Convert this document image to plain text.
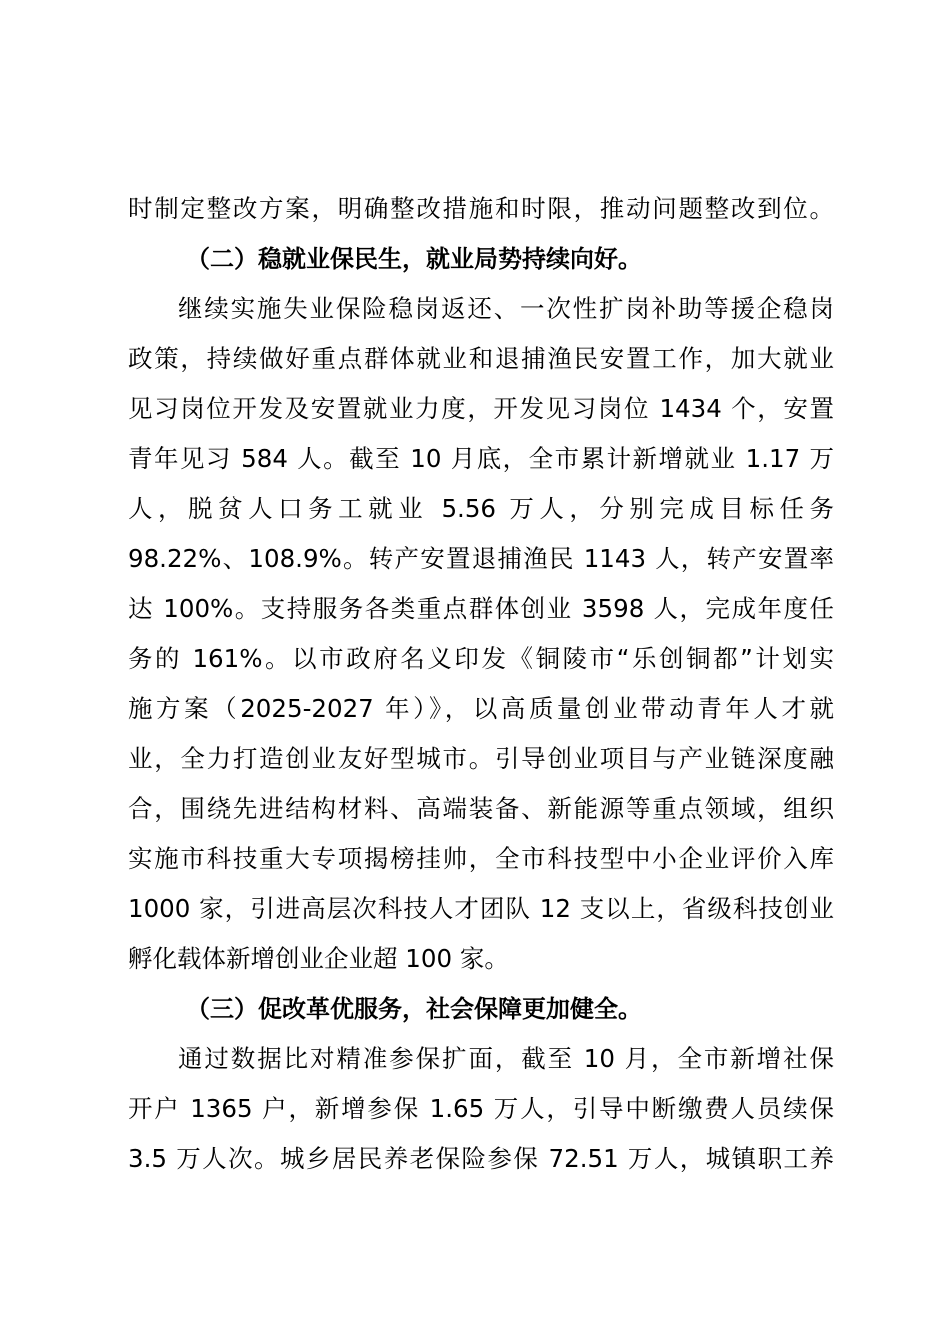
时制定整改方案，明确整改措施和时限，推动问题整改到位。
（二）稳就业保民生，就业局势持续向好。
继续实施失业保险稳岗返还、一次性扩岗补助等援企稳岗
政策，持续做好重点群体就业和退捕渔民安置工作，加大就业
见习岗位开发及安置就业力度，开发见习岗位 1434 个，安置
青年见习 584 人。截至 10 月底，全市累计新增就业 1.17 万
人，脱贫人口务工就业 5.56 万人，分别完成目标任务
98.22%、108.9%。转产安置退捕渔民 1143 人，转产安置率
达 100%。支持服务各类重点群体创业 3598 人，完成年度任
务的 161%。以市政府名义印发《铜陵市“乐创铜都”计划实
施方案（2025-2027 年）》，以高质量创业带动青年人才就
业，全力打造创业友好型城市。引导创业项目与产业链深度融
合，围绕先进结构材料、高端装备、新能源等重点领域，组织
实施市科技重大专项揭榜挂帅，全市科技型中小企业评价入库
1000 家，引进高层次科技人才团队 12 支以上，省级科技创业
孵化载体新增创业企业超 100 家。
（三）促改革优服务，社会保障更加健全。
通过数据比对精准参保扩面，截至 10 月，全市新增社保
开户 1365 户，新增参保 1.65 万人，引导中断缴费人员续保
3.5 万人次。城乡居民养老保险参保 72.51 万人，城镇职工养
